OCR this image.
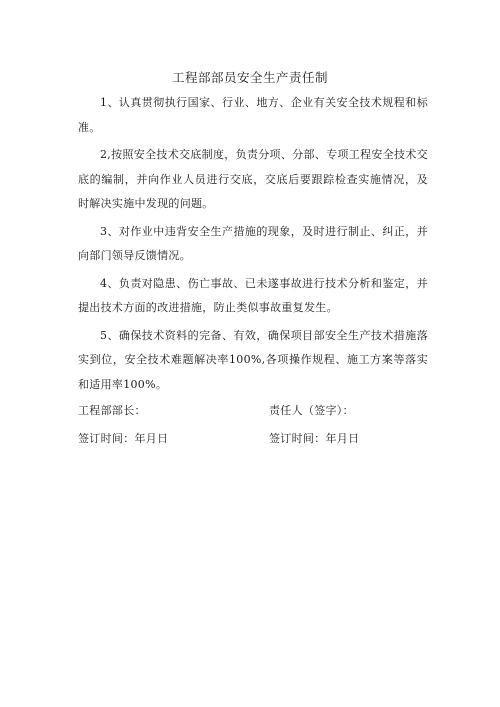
工程部部员安全生产责任制

1、认真贯彻执行国家、行业、地方、企业有关安全技术规程和标准。

2,按照安全技术交底制度，负责分项、分部、专项工程安全技术交底的编制，并向作业人员进行交底，交底后要跟踪检查实施情况，及时解决实施中发现的问题。

3、对作业中违背安全生产措施的现象，及时进行制止、纠正，并向部门领导反馈情况。

4、负责对隐患、伤亡事故、已未遂事故进行技术分析和鉴定，并提出技术方面的改进措施，防止类似事故重复发生。

5、确保技术资料的完备、有效，确保项目部安全生产技术措施落实到位，安全技术难题解决率100%,各项操作规程、施工方案等落实和适用率100%。

工程部部长：	责任人（签字）：
签订时间：年月日	签订时间：年月日
